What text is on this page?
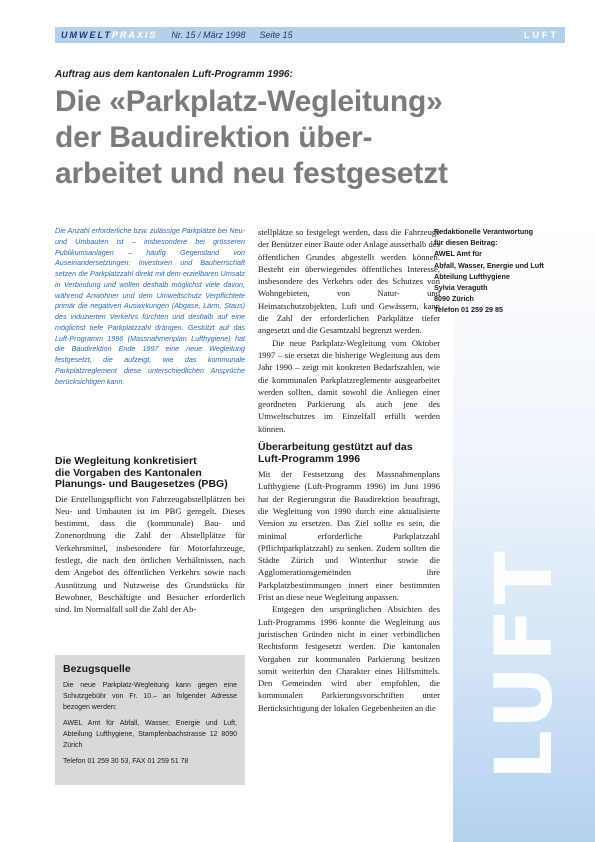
LUFT
UMWELT PRAXIS Nr. 15 / März 1998 Seite 15	LUFT
Auftrag aus dem kantonalen Luft-Programm 1996:
Die «Parkplatz-Wegleitung»
der Baudirektion über-
arbeitet und neu festgesetzt
Die Anzahl erforderliche bzw. zulässige Parkplätze bei Neu- und Umbauten ist – insbesondere bei grösseren Publikumsanlagen – häufig Gegenstand von Auseinandersetzungen: Investoren und Bauherrschaft setzen die Parkplatzzahl direkt mit dem erzielbaren Umsatz in Verbindung und wollen deshalb möglichst viele davon, während Anwohner und dem Umweltschutz Verpflichtete primär die negativen Auswirkungen (Abgase, Lärm, Staus) des induzierten Verkehrs fürchten und deshalb auf eine möglichst tiefe Parkplatzzahl drängen. Gestützt auf das Luft-Programm 1996 (Massnahmenplan Lufthygiene) hat die Baudirektion Ende 1997 eine neue Wegleitung festgesetzt, die aufzeigt, wie das kommunale Parkplatzreglement diese unterschiedlichen Ansprüche berücksichtigen kann.
Die Wegleitung konkretisiert
die Vorgaben des Kantonalen
Planungs- und Baugesetzes (PBG)

Die Erstellungspflicht von Fahrzeugabstellplätzen bei Neu- und Umbauten ist im PBG geregelt. Dieses bestimmt, dass die (kommunale) Bau- und Zonenordnung die Zahl der Abstellplätze für Verkehrsmittel, insbesondere für Motorfahrzeuge, festlegt, die nach den örtlichen Verhältnissen, nach dem Angebot des öffentlichen Verkehrs sowie nach Ausnützung und Nutzweise des Grundstücks für Bewohner, Beschäftigte und Besucher erforderlich sind. Im Normalfall soll die Zahl der Ab-

Bezugsquelle
Die neue Parkplatz-Wegleitung kann gegen eine Schutzgebühr von Fr. 10.– an folgender Adresse bezogen werden:
AWEL Amt für Abfall, Wasser, Energie und Luft, Abteilung Lufthygiene, Stampfenbachstrasse 12 8090 Zürich
Telefon 01 259 30 53, FAX 01 259 51 78

stellplätze so festgelegt werden, dass die Fahrzeuge der Benützer einer Baute oder Anlage ausserhalb des öffentlichen Grundes abgestellt werden können. Besteht ein überwiegendes öffentliches Interesse, insbesondere des Verkehrs oder des Schutzes von Wohngebieten, von Natur- und Heimatschutzobjekten, Luft und Gewässern, kann die Zahl der erforderlichen Parkplätze tiefer angesetzt und die Gesamtzahl begrenzt werden.

Die neue Parkplatz-Wegleitung vom Oktober 1997 – sie ersetzt die bisherige Wegleitung aus dem Jahr 1990 – zeigt mit konkreten Bedarfszahlen, wie die kommunalen Parkplatzreglemente ausgearbeitet werden sollten, damit sowohl die Anliegen einer geordneten Parkierung als auch jene des Umweltschutzes im Einzelfall erfüllt werden können.

Überarbeitung gestützt auf das
Luft-Programm 1996

Mit der Festsetzung des Massnahmenplans Lufthygiene (Luft-Programm 1996) im Juni 1996 hat der Regierungsrat die Baudirektion beauftragt, die Wegleitung von 1990 durch eine aktualisierte Version zu ersetzen. Das Ziel sollte es sein, die minimal erforderliche Parkplatzzahl (Pflichtparkplatzzahl) zu senken. Zudem sollten die Städte Zürich und Winterthur sowie die Agglomerationsgemeinden ihre Parkplatzbestimmungen innert einer bestimmten Frist an diese neue Wegleitung anpassen.

Entgegen den ursprünglichen Absichten des Luft-Programms 1996 konnte die Wegleitung aus juristischen Gründen nicht in einer verbindlichen Rechtsform festgesetzt werden. Die kantonalen Vorgaben zur kommunalen Parkierung besitzen somit weiterhin den Charakter eines Hilfsmittels. Den Gemeinden wird aber empfohlen, die kommunalen Parkierungsvorschriften unter Berücksichtigung der lokalen Gegebenheiten an die

Redaktionelle Verantwortung
für diesen Beitrag:
AWEL Amt für
Abfall, Wasser, Energie und Luft
Abteilung Lufthygiene
Sylvia Veraguth
8090 Zürich
Telefon 01 259 29 85
